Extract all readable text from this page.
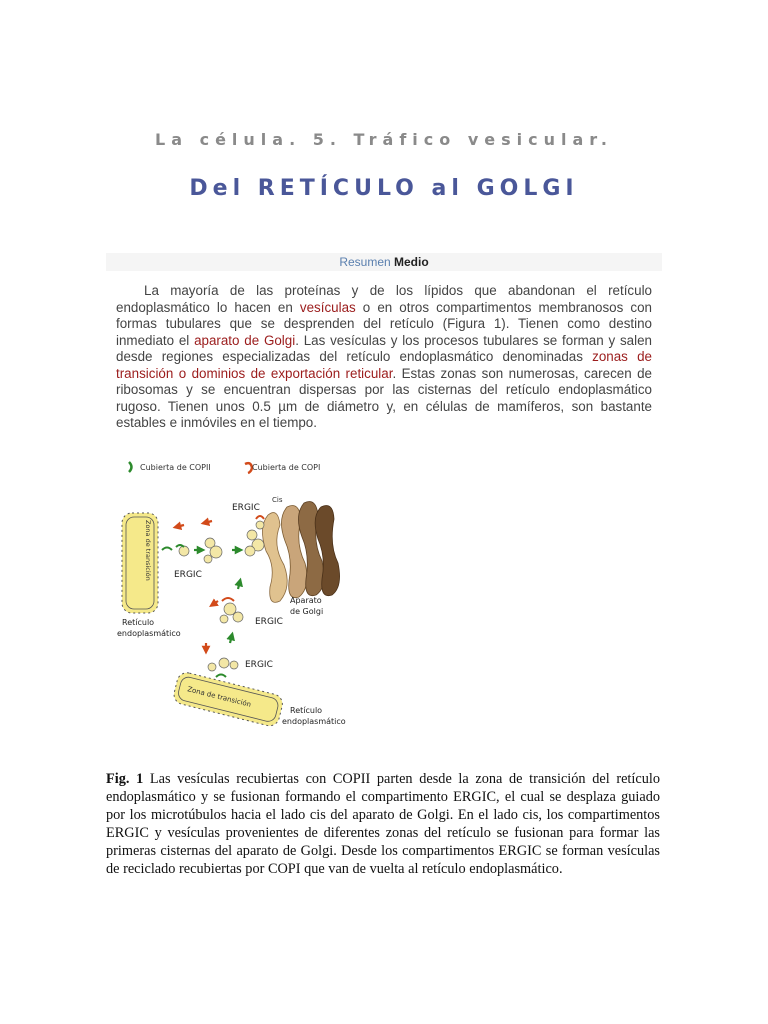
La célula. 5. Tráfico vesicular.
Del RETÍCULO al GOLGI
Resumen Medio

La mayoría de las proteínas y de los lípidos que abandonan el retículo endoplasmático lo hacen en vesículas o en otros compartimentos membranosos con formas tubulares que se desprenden del retículo (Figura 1). Tienen como destino inmediato el aparato de Golgi. Las vesículas y los procesos tubulares se forman y salen desde regiones especializadas del retículo endoplasmático denominadas zonas de transición o dominios de exportación reticular. Estas zonas son numerosas, carecen de ribosomas y se encuentran dispersas por las cisternas del retículo endoplasmático rugoso. Tienen unos 0.5 µm de diámetro y, en células de mamíferos, son bastante estables e inmóviles en el tiempo.

Cubierta de COPII	Cubierta de COPI
Zona de transición
Zona de transición
Cis
ERGIC
ERGIC
ERGIC
ERGIC
Retículo
endoplasmático
Aparato
de Golgi
Retículo
endoplasmático

Fig. 1 Las vesículas recubiertas con COPII parten desde la zona de transición del retículo endoplasmático y se fusionan formando el compartimento ERGIC, el cual se desplaza guiado por los microtúbulos hacia el lado cis del aparato de Golgi. En el lado cis, los compartimentos ERGIC y vesículas provenientes de diferentes zonas del retículo se fusionan para formar las primeras cisternas del aparato de Golgi. Desde los compartimentos ERGIC se forman vesículas de reciclado recubiertas por COPI que van de vuelta al retículo endoplasmático.
